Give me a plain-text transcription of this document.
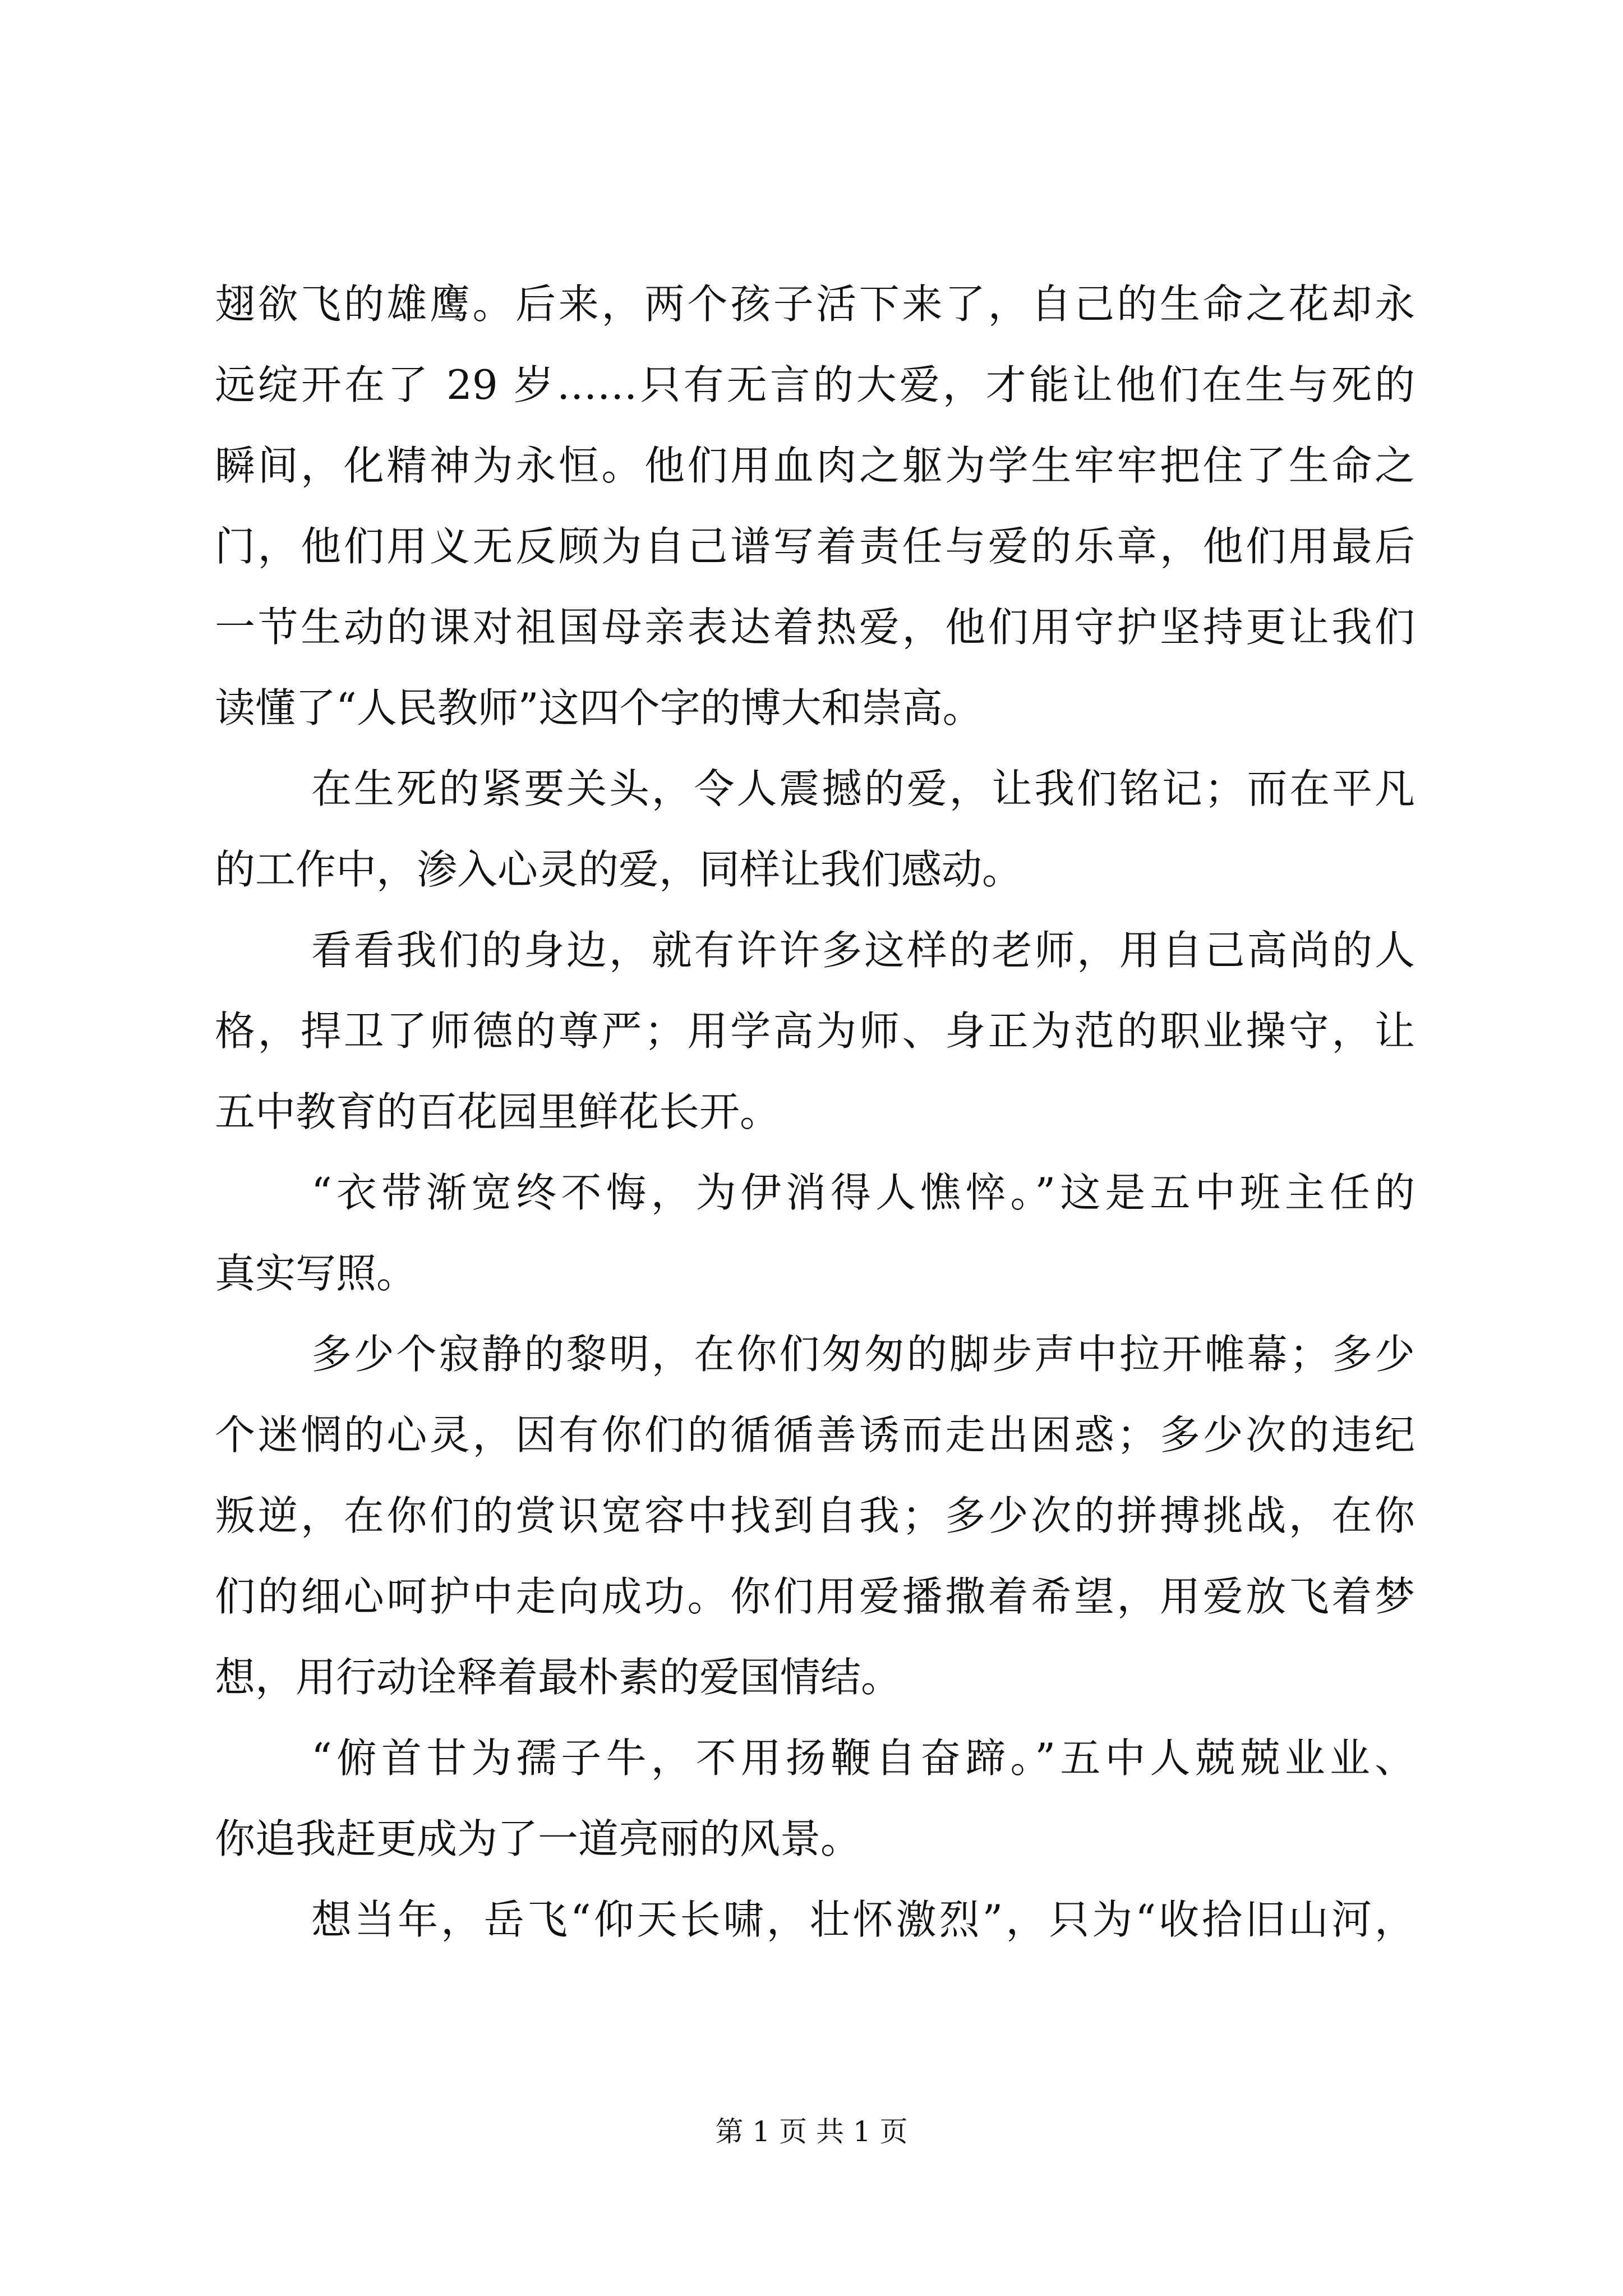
翅欲飞的雄鹰。后来，两个孩子活下来了，自己的生命之花却永
远绽开在了 29 岁……只有无言的大爱，才能让他们在生与死的
瞬间，化精神为永恒。他们用血肉之躯为学生牢牢把住了生命之
门，他们用义无反顾为自己谱写着责任与爱的乐章，他们用最后
一节生动的课对祖国母亲表达着热爱，他们用守护坚持更让我们
读懂了“人民教师”这四个字的博大和崇高。
在生死的紧要关头，令人震撼的爱，让我们铭记；而在平凡
的工作中，渗入心灵的爱，同样让我们感动。
看看我们的身边，就有许许多这样的老师，用自己高尚的人
格，捍卫了师德的尊严；用学高为师、身正为范的职业操守，让
五中教育的百花园里鲜花长开。
“衣带渐宽终不悔，为伊消得人憔悴。”这是五中班主任的
真实写照。
多少个寂静的黎明，在你们匆匆的脚步声中拉开帷幕；多少
个迷惘的心灵，因有你们的循循善诱而走出困惑；多少次的违纪
叛逆，在你们的赏识宽容中找到自我；多少次的拼搏挑战，在你
们的细心呵护中走向成功。你们用爱播撒着希望，用爱放飞着梦
想，用行动诠释着最朴素的爱国情结。
“俯首甘为孺子牛，不用扬鞭自奋蹄。”五中人兢兢业业、
你追我赶更成为了一道亮丽的风景。
想当年，岳飞“仰天长啸，壮怀激烈”，只为“收拾旧山河，
第 1 页 共 1 页
